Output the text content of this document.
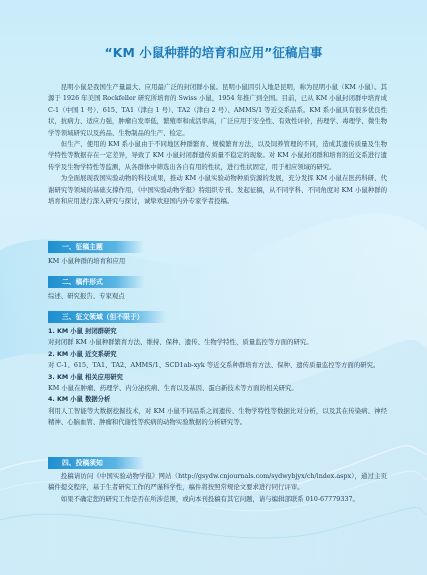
“KM 小鼠种群的培育和应用”征稿启事

昆明小鼠是我国生产量最大、应用最广泛的封闭群小鼠。昆明小鼠因引入地是昆明，称为昆明小鼠（KM 小鼠）。其源于 1926 年美国 Rockfeller 研究所培育的 Swiss 小鼠，1954 年推广到全国。目前，已从 KM 小鼠封闭群中培育成 C-1（中国 1 号）、615、TA1（津白 1 号）、TA2（津白 2 号）、AMMS/1 等近交系品系。KM 系小鼠具有很多优良性状，抗病力、适应力强，肿瘤自发率低，繁殖率和成活率高，广泛应用于安全性、有效性评价，药理学、毒理学、微生物学等领域研究以及药品、生物制品的生产、检定。

但生产、使用的 KM 系小鼠由于不同地区种群繁育、规模繁育方法，以及饲养管理的不同，造成其遗传质量及生物学特性等数据存在一定差异，导致了 KM 小鼠封闭群遗传质量不稳定的现象。对 KM 小鼠封闭群和培育的近交系进行遗传学及生物学特性等监测，从各群体中筛选出各自有用的性状，进行性状固定，用于相应领域的研究。

为全面展现我国实验动物的科技成果，推动 KM 小鼠实验动物种质资源的发展，充分发挥 KM 小鼠在医药科研、代谢研究等领域的基础支撑作用，《中国实验动物学报》特组织专刊、发起征稿，从不同学科、不同角度对 KM 小鼠种群的培育和应用进行深入研究与探讨，诚挚欢迎国内外专家学者投稿。

一、征稿主题

KM 小鼠种群的培育和应用

二、稿件形式

综述、研究报告、专家观点

三、征文领域（但不限于）

1. KM 小鼠 封闭群研究

对封闭群 KM 小鼠种群繁育方法、维持、保种、遗传、生物学特性、质量监控等方面的研究。

2. KM 小鼠 近交系研究

对 C-1、615、TA1、TA2、AMMS/1、SCD1ab-xyk 等近交系种群培育方法、保种、遗传质量监控等方面的研究。

3. KM 小鼠 相关应用研究

KM 小鼠在肿瘤、药理学、内分泌疾病、生育以及基因、蛋白新技术等方面的相关研究。

4. KM 小鼠 数据分析

利用人工智能等大数据挖掘技术，对 KM 小鼠不同品系之间遗传、生物学特性等数据比对分析，以及其在传染病、神经精神、心脑血管、肿瘤和代谢性等疾病的动物实验数据的分析研究等。

四、投稿须知

投稿请访问《中国实验动物学报》网站（http://gsydw.cnjournals.com/sydwybjyx/ch/index.aspx），通过主页稿件提交程序，基于生者研究工作的严谨科学性，稿件将按照常规论文要求进行同行评审。

如果不确定您的研究工作是否在所涉范围，或向本刊投稿有其它问题，请与编辑部联系 010-67779337。
